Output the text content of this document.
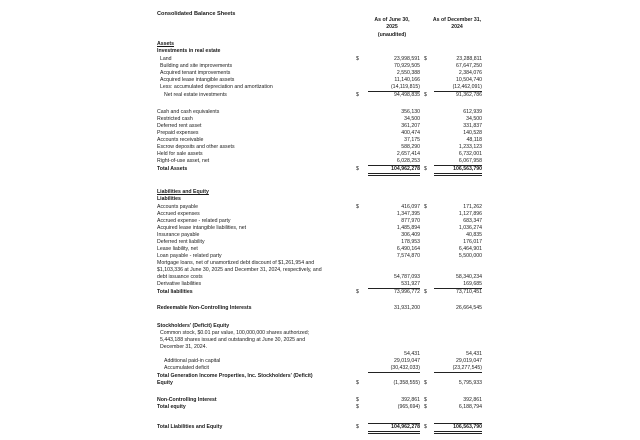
Consolidated Balance Sheets
As of June 30,
2025
(unaudited)
As of December 31,
2024
Assets
Investments in real estate
Land	$	23,998,591 $	23,288,811
Building and site improvements	70,929,505	67,647,250
Acquired tenant improvements	2,550,388	2,384,076
Acquired lease intangible assets	11,140,166	10,504,740
Less: accumulated depreciation and amortization	(14,119,815)	(12,462,091)
Net real estate investments	$	94,498,835 $	91,362,786
Cash and cash equivalents	356,130	612,939
Restricted cash	34,500	34,500
Deferred rent asset	361,207	331,837
Prepaid expenses	400,474	140,528
Accounts receivable	37,175	48,118
Escrow deposits and other assets	588,290	1,233,123
Held for sale assets	2,657,414	6,732,001
Right-of-use asset, net	6,028,253	6,067,958
Total Assets	$	104,962,278 $	106,563,790
Liabilities and Equity
Liabilities
Accounts payable	$	416,097 $	171,262
Accrued expenses	1,347,395	1,127,896
Accrued expense - related party	877,970	683,347
Acquired lease intangible liabilities, net	1,485,894	1,036,274
Insurance payable	306,409	40,835
Deferred rent liability	178,953	176,017
Lease liability, net	6,490,164	6,464,901
Loan payable - related party	7,574,870	5,500,000
Mortgage loans, net of unamortized debt discount of $1,261,954 and
$1,103,336 at June 30, 2025 and December 31, 2024, respectively, and
debt issuance costs	54,787,093	58,340,234
Derivative liabilities	531,927	169,685
Total liabilities	$	73,996,772 $	73,710,451
Redeemable Non-Controlling Interests	31,931,200	26,664,545
Stockholders' (Deficit) Equity
Common stock, $0.01 par value, 100,000,000 shares authorized;
5,443,188 shares issued and outstanding at June 30, 2025 and
December 31, 2024.
54,431	54,431
Additional paid-in capital	29,019,047	29,019,047
Accumulated deficit	(30,432,033)	(23,277,545)
Total Generation Income Properties, Inc. Stockholders' (Deficit)
Equity	$	(1,358,555) $	5,795,933
Non-Controlling Interest	$	392,861 $	392,861
Total equity	$	(965,694) $	6,188,794
Total Liabilities and Equity	$	104,962,278 $	106,563,790
